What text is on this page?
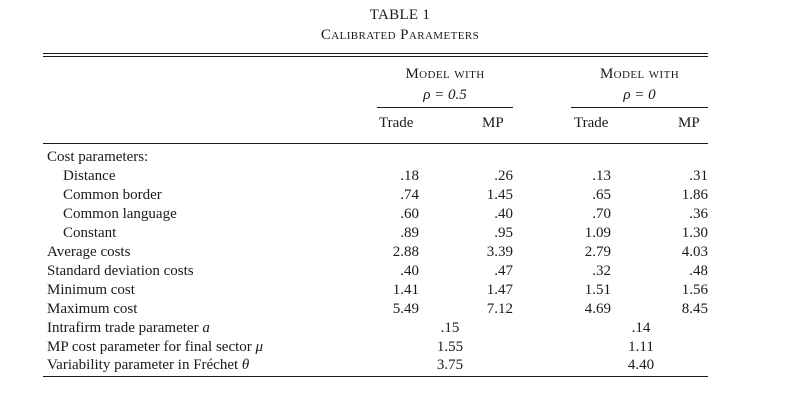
TABLE 1
Calibrated Parameters
Model with
ρ = 0.5
Model with
ρ = 0
Trade	MP	Trade	MP
Cost parameters:
Distance	.18	.26	.13	.31
Common border	.74	1.45	.65	1.86
Common language	.60	.40	.70	.36
Constant	.89	.95	1.09	1.30
Average costs	2.88	3.39	2.79	4.03
Standard deviation costs	.40	.47	.32	.48
Minimum cost	1.41	1.47	1.51	1.56
Maximum cost	5.49	7.12	4.69	8.45
Intrafirm trade parameter a	.15	.14
MP cost parameter for final sector μ	1.55	1.11
Variability parameter in Fréchet θ	3.75	4.40
